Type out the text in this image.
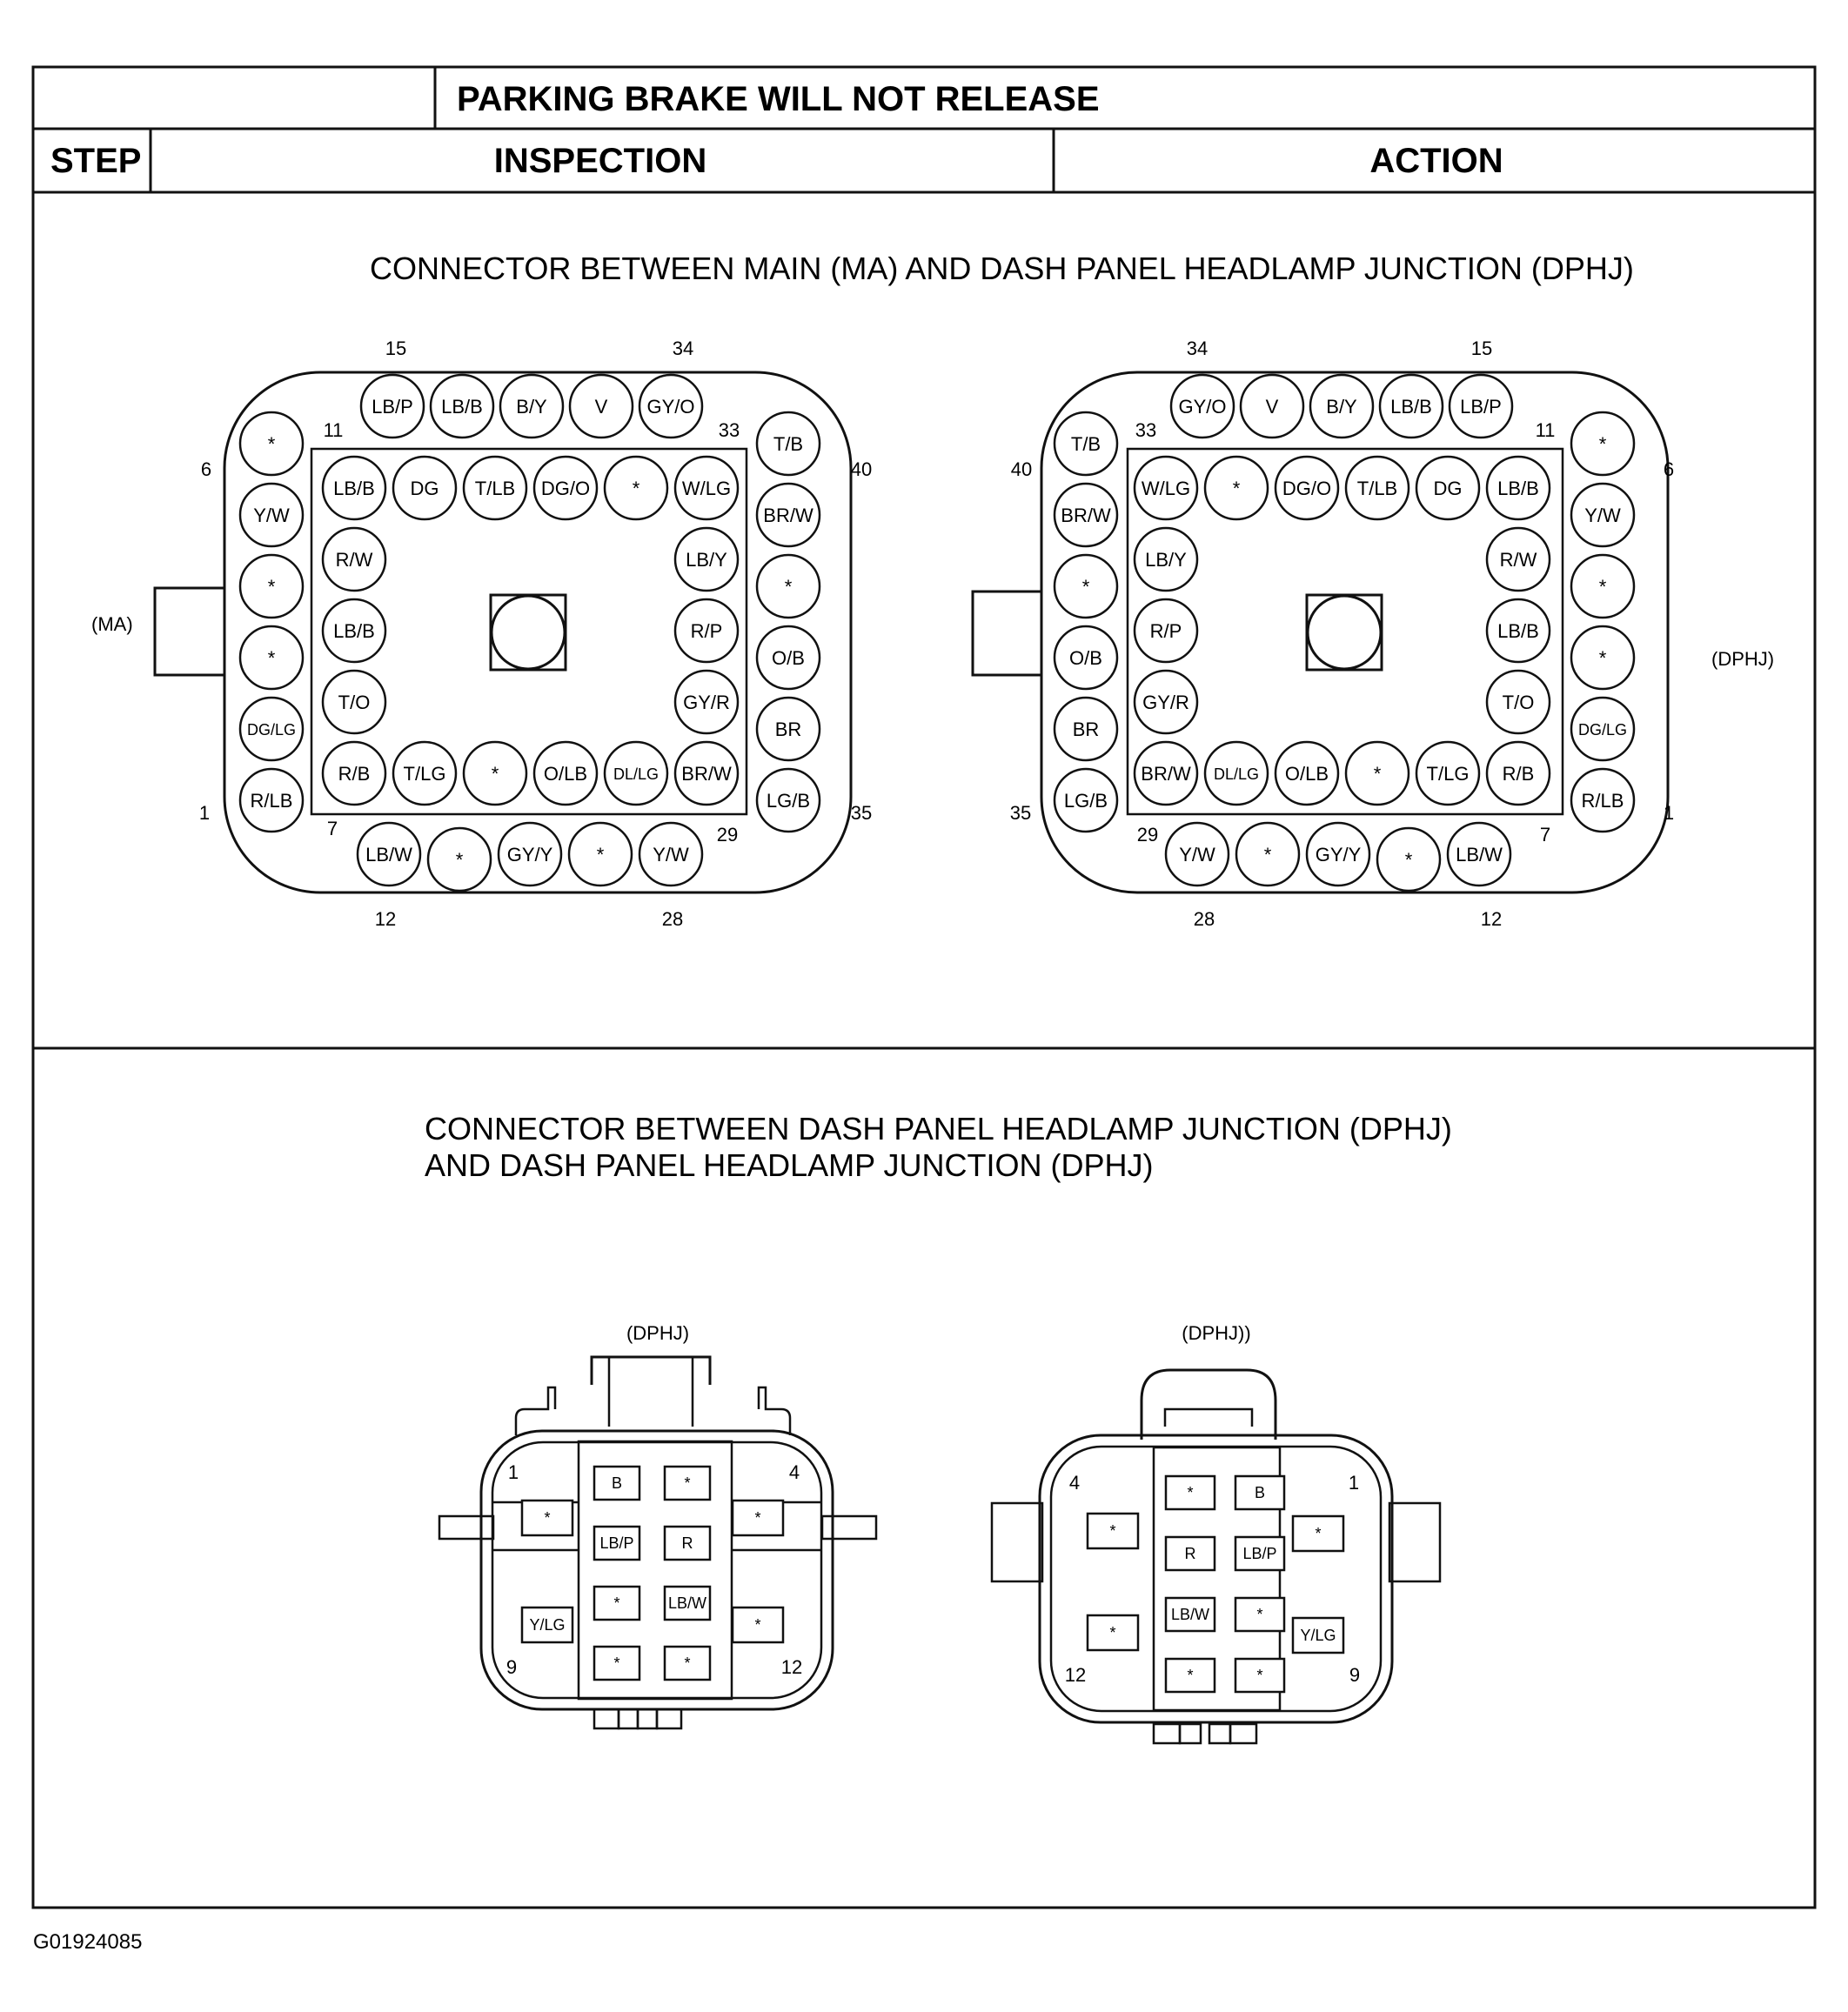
PARKING BRAKE WILL NOT RELEASE
STEP	INSPECTION	ACTION
CONNECTOR BETWEEN MAIN (MA) AND DASH PANEL HEADLAMP JUNCTION (DPHJ)
(MA)
15	34
11	33
6	40
1	35
7	29
12	28
LB/P LB/B B/Y V GY/O
LB/B DG T/LB DG/O * W/LG
*
Y/W
*
*
DG/LG
R/LB
T/B
BR/W
*
O/B
BR
LG/B
R/W
LB/B
T/O
LB/Y
R/P
GY/R
R/B T/LG * O/LB DL/LG BR/W
LB/W * GY/Y *	Y/W
(DPHJ)
34	15
33	11
40	6
35	1
29	7
28	12
GY/O V B/Y LB/B LB/P
W/LG * DG/O T/LB DG LB/B
T/B
BR/W
*
O/B
BR
LG/B
*
Y/W
*
*
DG/LG
R/LB
LB/Y
R/P
GY/R
R/W
LB/B
T/O
BR/W DL/LG O/LB * T/LG R/B
Y/W	* GY/Y * LB/W
CONNECTOR BETWEEN DASH PANEL HEADLAMP JUNCTION (DPHJ)
AND DASH PANEL HEADLAMP JUNCTION (DPHJ)
(DPHJ)
1	4
9	12
B	*
LB/P	R
*	LB/W
*	*
*
Y/LG
*
*
(DPHJ))
4	1
12	9
*	B
R	LB/P
LB/W	*
*	*
*
*
*
Y/LG
G01924085
